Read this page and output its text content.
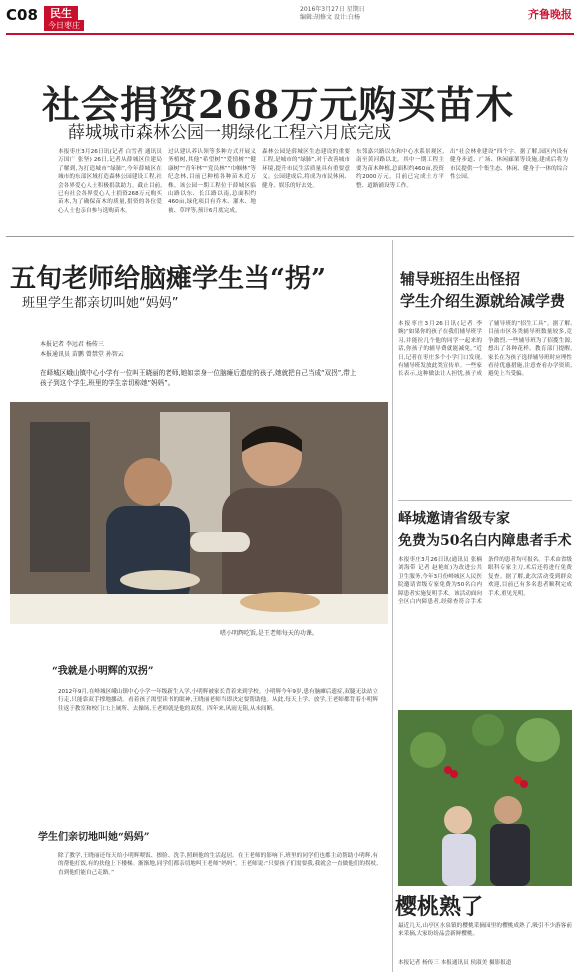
C08	民生
今日枣庄
2016年3月27日 星期日
编辑:胡修文 设计:白杨	齐鲁晚报
社会捐资268万元购买苗木
薛城城市森林公园一期绿化工程六月底完成
本报枣庄3月26日讯(记者 白雪者 通讯员 万国广 张坚) 26日,记者从薛城区住建局了解到,为打造城市“绿肺”,今年薛城区在城市的东部区域打造森林公园建设工程,社会各界爱心人士积极捐款助力。截止目前,已有社会各界爱心人士捐资268万元购买苗木,为了确保苗木的质量,捐资的各位爱心人士也亲自参与选购苗木。
过认建认养认领等多种方式开展义务植树,其他“希望树”“爱情树”“健康树”“青年林”“党员林”“巾帼林”等纪念林,目前已种植各种苗木近万株。该公园一期工程位于薛城区临山路以东、长江路以南,总面积约460亩,绿化项目有乔木、灌木、地被、草坪等,预计6月底完成。
森林公园是薛城区生态建设的重要工程,是城市的“绿肺”,对于改善城市环境,提升市民生活质量具有重要意义。公园建成后,将成为市民休闲、健身、娱乐的好去处。
东邻嘉兴路以东和中心水系景观区,南至黄河路以北。其中一期工程主要为苗木种植,总面积约460亩,投资约2000万元。目前已完成土方平整、道路铺设等工作。
出“社会林业建设”四个字。据了解,园区内设有健身步道、广场、休闲廊架等设施,建成后将为市民提供一个集生态、休闲、健身于一体的综合性公园。
五旬老师给脑瘫学生当“拐”
班里学生都亲切叫她“妈妈”
本报记者 李远君 杨传三
本报通讯员 苗鹏 曾禁堂 孙智云
在峄城区峨山镇中心小学有一位叫王晓丽的老师,她如亲身一位脑瘫后遗症的孩子,她就把自己当成“双拐”,带上孩子到这个学生,班里的学生亲切称她“妈妈”。
嗜小明辉吃饭,是王老师每天的功课。
“我就是小明辉的双拐”
2012年9月,在峄城区峨山镇中心小学一年级新生入学,小明辉被家长背着来到学校。小明辉今年9岁,患有脑瘫后遗症,双腿无法站立行走,只能靠双手撑地挪动。看着孩子渴望读书的眼神,王晓丽老师当即决定要帮助他。从此,每天上学、放学,王老师都背着小明辉往返于教室和校门口;上厕所、去操场,王老师就是他的双拐。四年来,风雨无阻,从未间断。
学生们亲切地叫她“妈妈”
除了教学,王晓丽还每天给小明辉喂饭、擦脸、洗手,照顾他的生活起居。在王老师的影响下,班里的同学们也都主动帮助小明辉,有的帮他打饭,有的扶他上下楼梯。渐渐地,同学们都亲切地叫王老师“妈妈”。王老师说:“只要孩子们需要我,我就会一直做他们的拐杖,直到他们能自己走路。”
辅导班招生出怪招
学生介绍生源就给减学费
本报枣庄3月26日讯(记者 李婉)“如果你的孩子在我们辅导班学习,并能拉几个他的同学一起来的话,你孩子的辅导费就能减免。”近日,记者在枣庄多个小学门口发现,有辅导班发放此类宣传单。一些家长表示,这种做法让人担忧,孩子成了辅导班的“招生工具”。据了解,目前市区各类辅导班数量较多,竞争激烈,一些辅导班为了招揽生源,想出了各种花样。教育部门提醒,家长在为孩子选择辅导班时应理性看待优惠措施,注意查看办学资质,避免上当受骗。
峄城邀请省级专家
免费为50名白内障患者手术
本报枣庄3月26日讯(通讯员 张楠 刘海带 记者 赵艳虹)为改进公共卫生服务,今年3月份峄城区人民医院邀请省级专家免费为50名白内障患者实施复明手术。该活动面向全区白内障患者,经筛查符合手术条件的患者均可报名。手术由省级眼科专家主刀,术后还将进行免费复查。据了解,此次活动受到群众欢迎,目前已有多名患者顺利完成手术,重见光明。
樱桃熟了
最近几天,山亭区水泉镇的樱桃采摘园里的樱桃成熟了,吸引不少游客前来采摘,大家纷纷品尝新鲜樱桃。
本报记者 杨传三 本报通讯员 侯淑美 摄影报道
